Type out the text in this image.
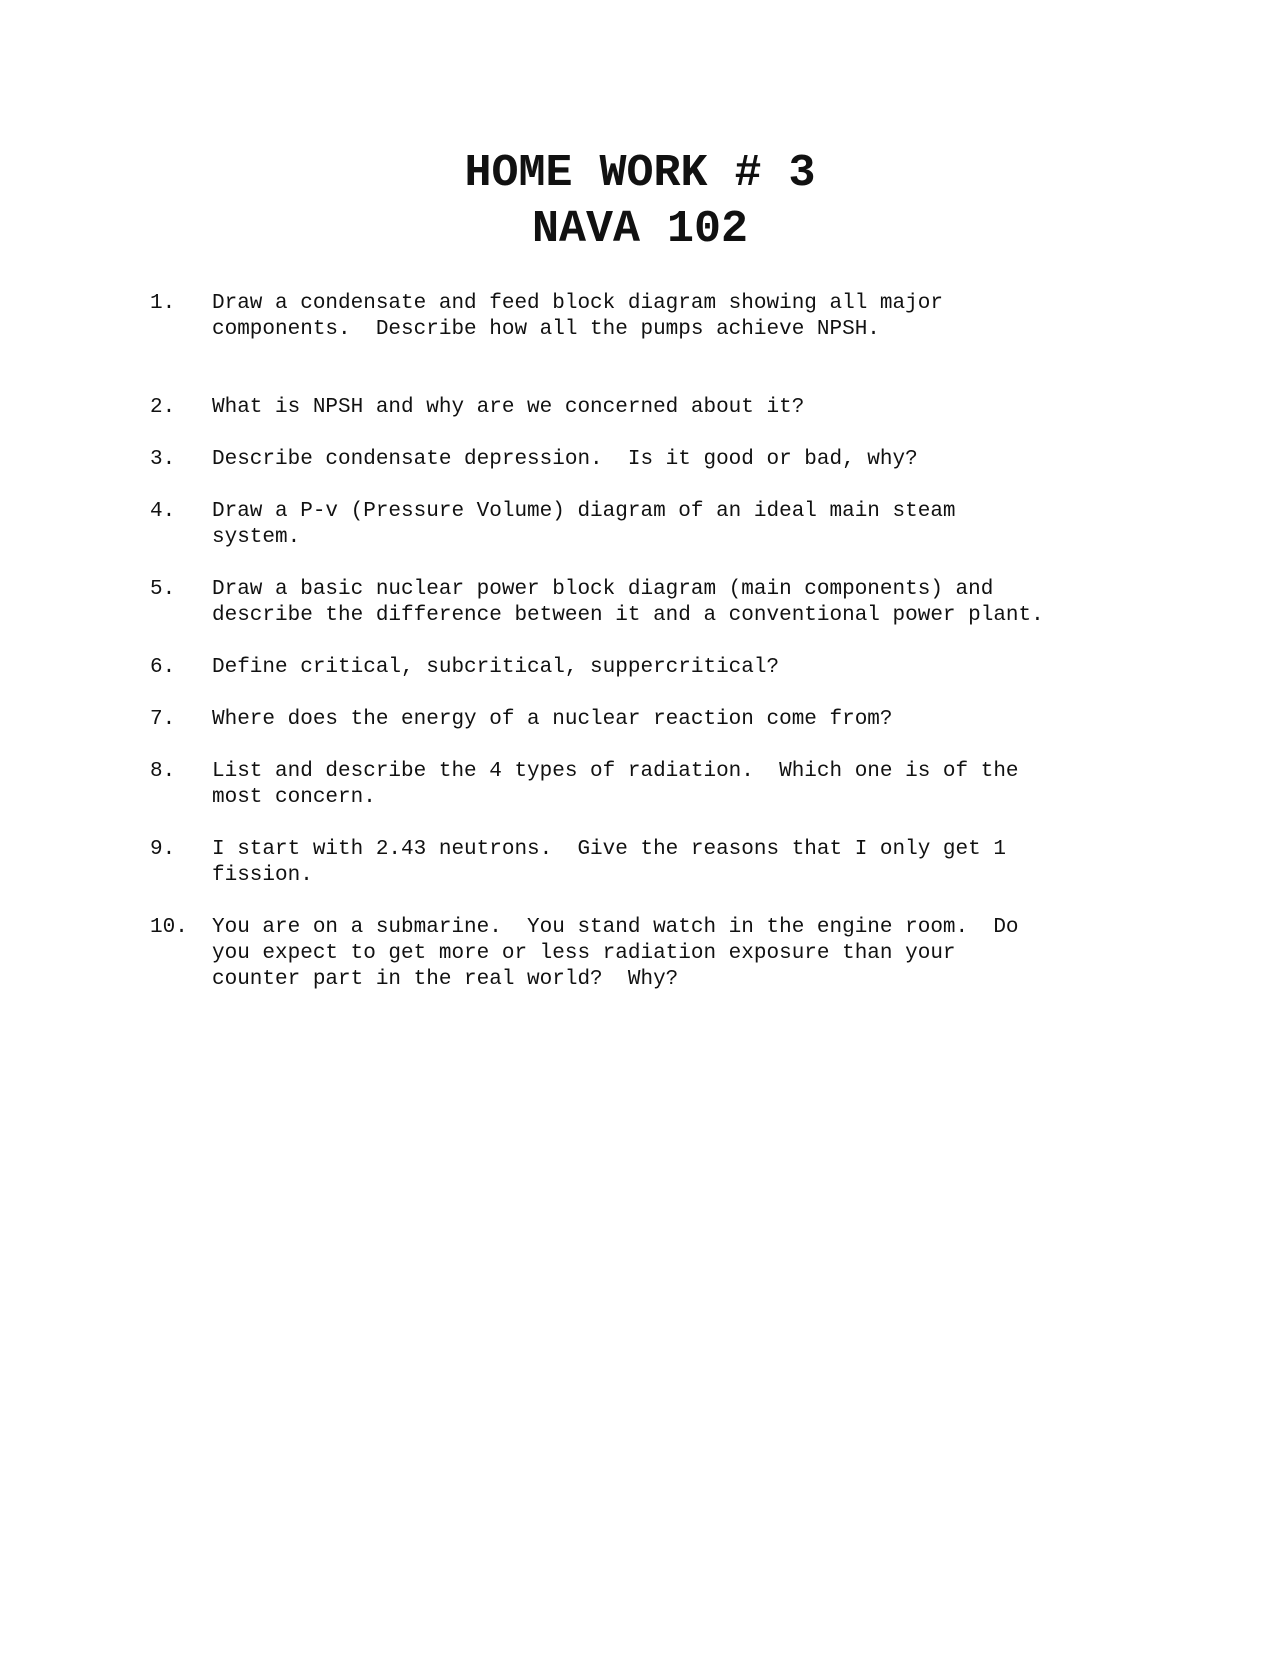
HOME WORK # 3
NAVA 102
1.	Draw a condensate and feed block diagram showing all major
components.  Describe how all the pumps achieve NPSH.
2.	What is NPSH and why are we concerned about it?
3.	Describe condensate depression.  Is it good or bad, why?
4.	Draw a P-v (Pressure Volume) diagram of an ideal main steam
system.
5.	Draw a basic nuclear power block diagram (main components) and
describe the difference between it and a conventional power plant.
6.	Define critical, subcritical, suppercritical?
7.	Where does the energy of a nuclear reaction come from?
8.	List and describe the 4 types of radiation.  Which one is of the
most concern.
9.	I start with 2.43 neutrons.  Give the reasons that I only get 1
fission.
10.	You are on a submarine.  You stand watch in the engine room.  Do
you expect to get more or less radiation exposure than your
counter part in the real world?  Why?
